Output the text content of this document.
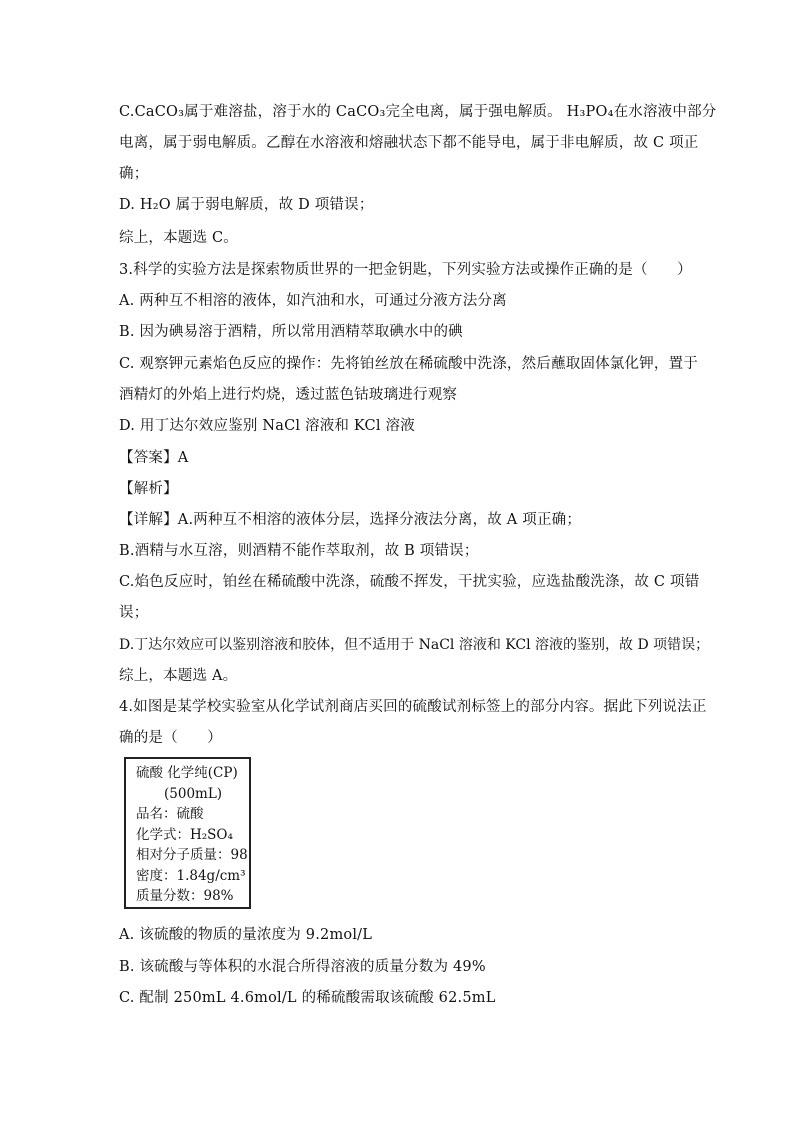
C.CaCO₃属于难溶盐，溶于水的 CaCO₃完全电离，属于强电解质。 H₃PO₄在水溶液中部分
电离，属于弱电解质。乙醇在水溶液和熔融状态下都不能导电，属于非电解质，故 C 项正
确；
D. H₂O 属于弱电解质，故 D 项错误；
综上，本题选 C。
3.科学的实验方法是探索物质世界的一把金钥匙，下列实验方法或操作正确的是（　　）
A. 两种互不相溶的液体，如汽油和水，可通过分液方法分离
B. 因为碘易溶于酒精，所以常用酒精萃取碘水中的碘
C. 观察钾元素焰色反应的操作：先将铂丝放在稀硫酸中洗涤，然后蘸取固体氯化钾，置于
酒精灯的外焰上进行灼烧，透过蓝色钴玻璃进行观察
D. 用丁达尔效应鉴别 NaCl 溶液和 KCl 溶液
【答案】A
【解析】
【详解】A.两种互不相溶的液体分层，选择分液法分离，故 A 项正确；
B.酒精与水互溶，则酒精不能作萃取剂，故 B 项错误；
C.焰色反应时，铂丝在稀硫酸中洗涤，硫酸不挥发，干扰实验，应选盐酸洗涤，故 C 项错
误；
D.丁达尔效应可以鉴别溶液和胶体，但不适用于 NaCl 溶液和 KCl 溶液的鉴别，故 D 项错误；
综上，本题选 A。
4.如图是某学校实验室从化学试剂商店买回的硫酸试剂标签上的部分内容。据此下列说法正
确的是（　　）
硫酸 化学纯(CP)
(500mL)
品名：硫酸
化学式：H₂SO₄
相对分子质量：98
密度：1.84g/cm³
质量分数：98%
A. 该硫酸的物质的量浓度为 9.2mol/L
B. 该硫酸与等体积的水混合所得溶液的质量分数为 49%
C. 配制 250mL 4.6mol/L 的稀硫酸需取该硫酸 62.5mL
